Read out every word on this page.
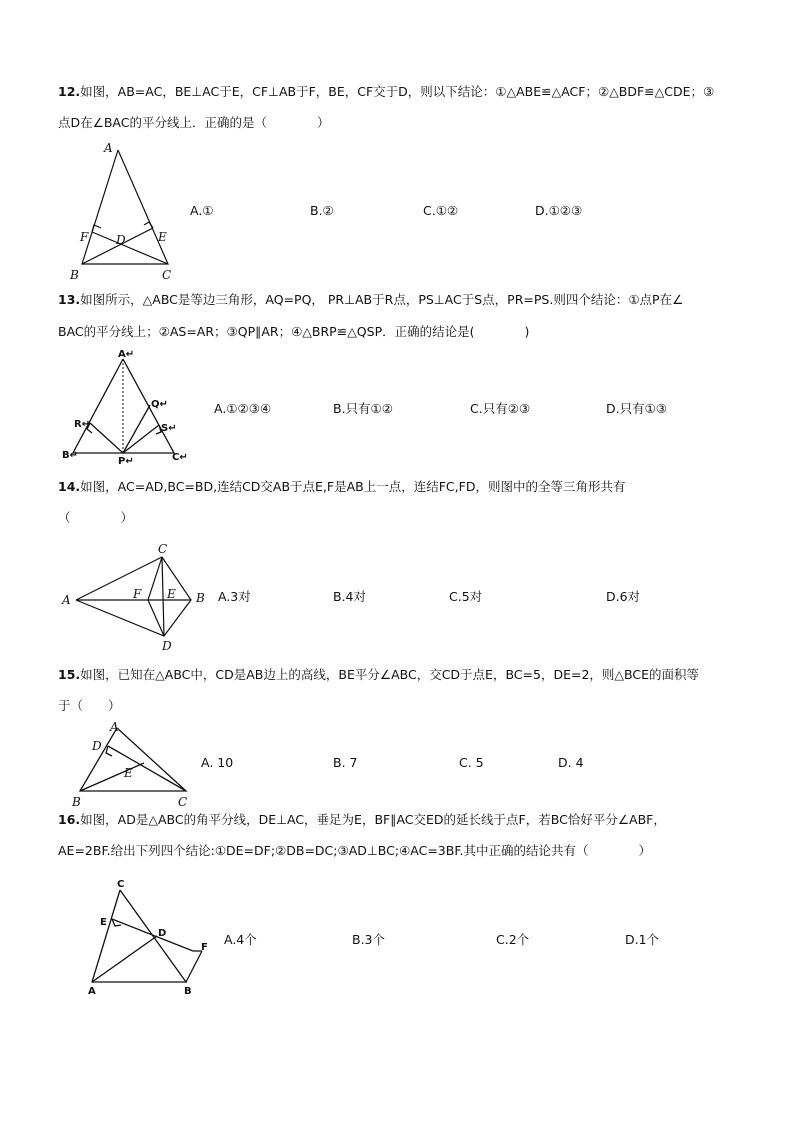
12.如图，AB=AC，BE⊥AC于E，CF⊥AB于F，BE，CF交于D，则以下结论：①△ABE≌△ACF；②△BDF≌△CDE；③
点D在∠BAC的平分线上．正确的是（　　　　）
A
F D	E
B	C
A.①	B.②	C.①②	D.①②③
13.如图所示，△ABC是等边三角形，AQ=PQ， PR⊥AB于R点，PS⊥AC于S点，PR=PS.则四个结论：①点P在∠
BAC的平分线上；②AS=AR；③QP∥AR；④△BRP≌△QSP．正确的结论是(　　　　)
A↵
Q↵
R↵	S↵
B↵
P↵	C↵
A.①②③④	B.只有①②	C.只有②③	D.只有①③
14.如图，AC=AD,BC=BD,连结CD交AB于点E,F是AB上一点，连结FC,FD，则图中的全等三角形共有
（　　　　）
A
C
F E B
D
A.3对	B.4对	C.5对	D.6对
15.如图，已知在△ABC中，CD是AB边上的高线，BE平分∠ABC，交CD于点E，BC=5，DE=2，则△BCE的面积等
于（　　）
A
D
E
B	C
A. 10	B. 7	C. 5	D. 4
16.如图，AD是△ABC的角平分线，DE⊥AC，垂足为E，BF∥AC交ED的延长线于点F，若BC恰好平分∠ABF，
AE=2BF.给出下列四个结论:①DE=DF;②DB=DC;③AD⊥BC;④AC=3BF.其中正确的结论共有（　　　　）
C
E
D
F
A	B
A.4个	B.3个	C.2个	D.1个
